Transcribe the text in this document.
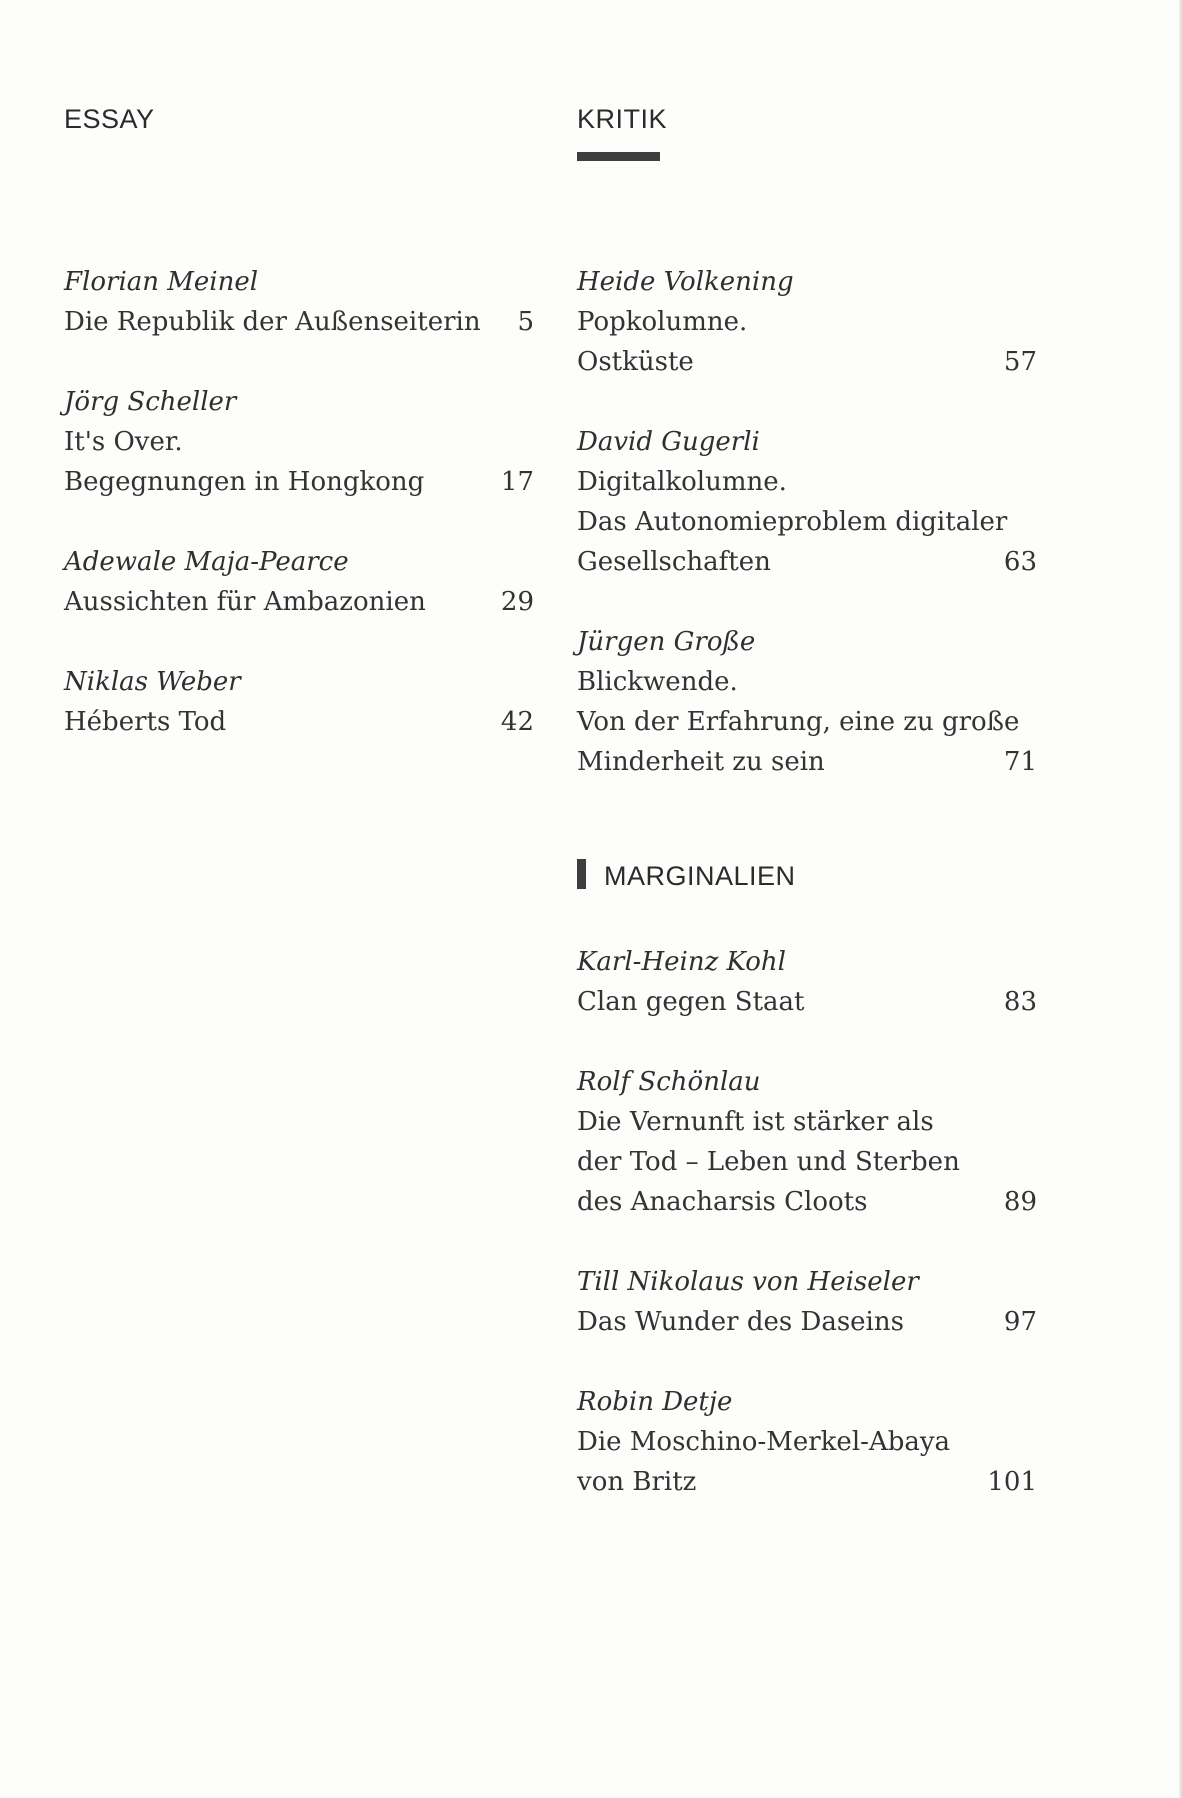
ESSAY
Florian Meinel
Die Republik der Außenseiterin 5
Jörg Scheller
It's Over.
Begegnungen in Hongkong	17
Adewale Maja-Pearce
Aussichten für Ambazonien	29
Niklas Weber
Héberts Tod	42
KRITIK
Heide Volkening
Popkolumne.
Ostküste	57
David Gugerli
Digitalkolumne.
Das Autonomieproblem digitaler
Gesellschaften	63
Jürgen Große
Blickwende.
Von der Erfahrung, eine zu große
Minderheit zu sein	71
MARGINALIEN
Karl-Heinz Kohl
Clan gegen Staat	83
Rolf Schönlau
Die Vernunft ist stärker als
der Tod – Leben und Sterben
des Anacharsis Cloots	89
Till Nikolaus von Heiseler
Das Wunder des Daseins	97
Robin Detje
Die Moschino-Merkel-Abaya
von Britz	101
